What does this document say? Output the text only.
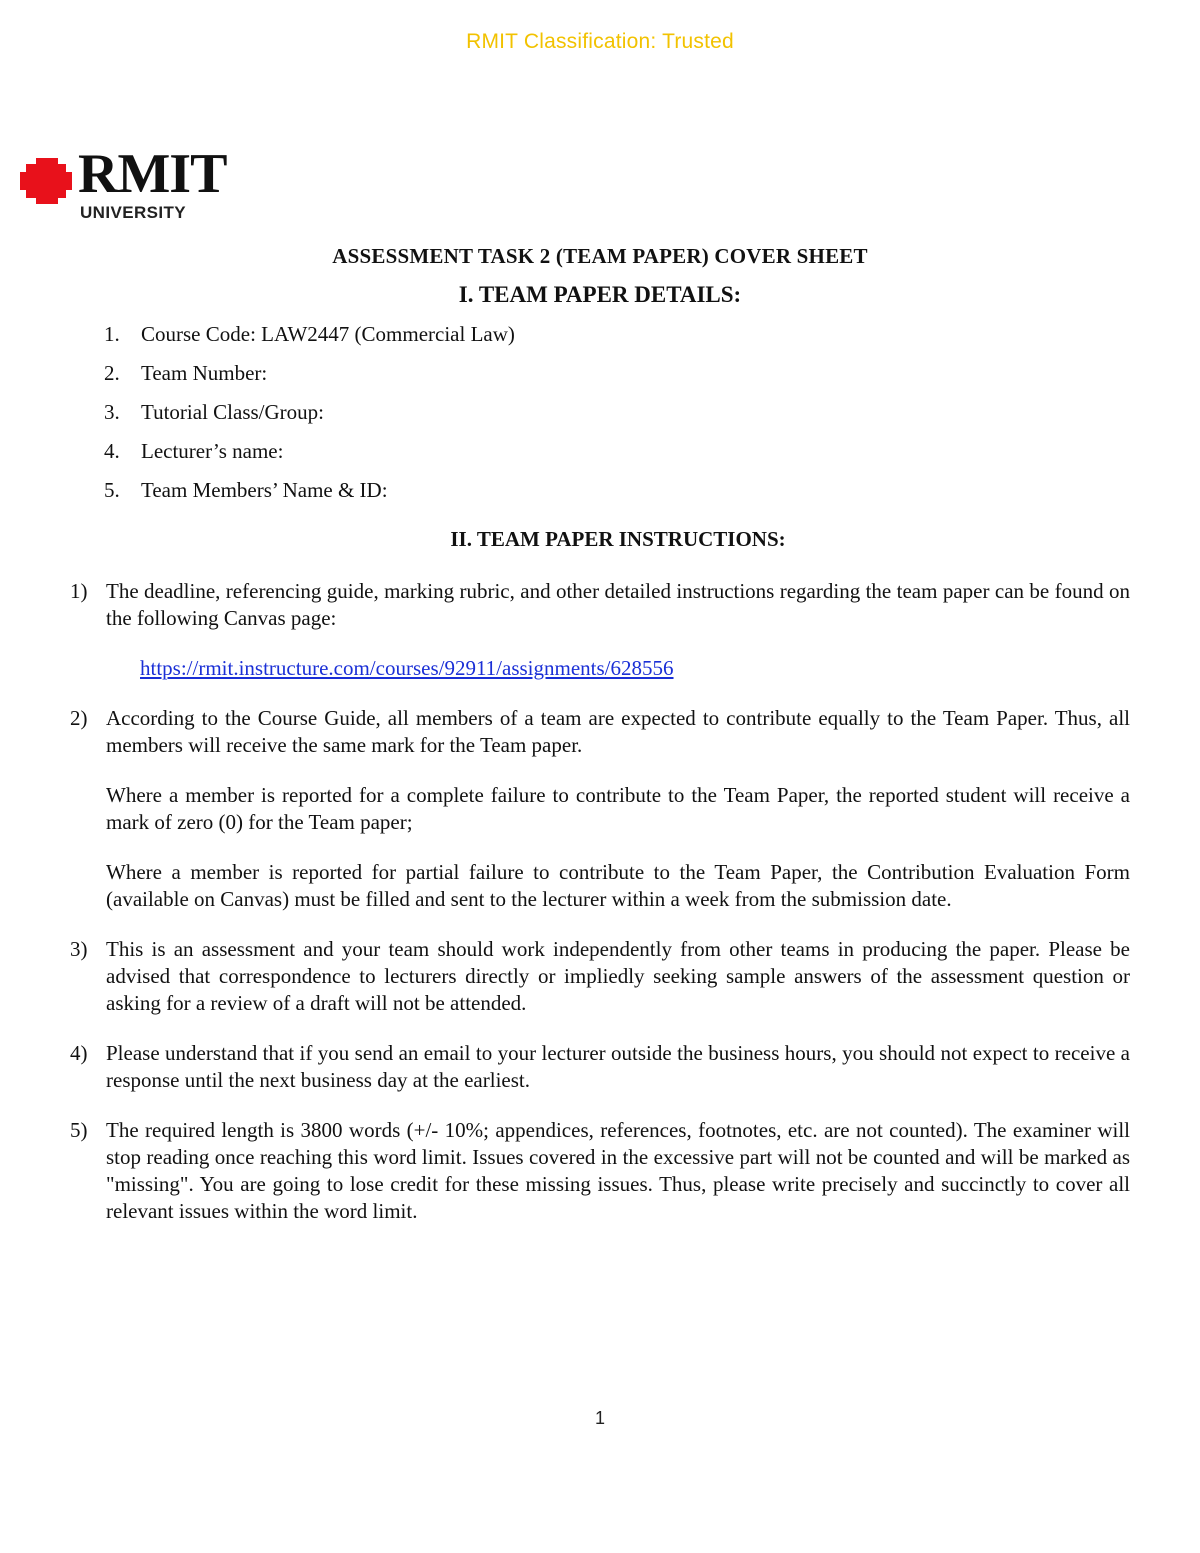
RMIT Classification: Trusted
RMIT
UNIVERSITY
ASSESSMENT TASK 2 (TEAM PAPER) COVER SHEET
I. TEAM PAPER DETAILS:
1. Course Code: LAW2447 (Commercial Law)
2. Team Number:
3. Tutorial Class/Group:
4. Lecturer’s name:
5. Team Members’ Name & ID:
II. TEAM PAPER INSTRUCTIONS:
1) The deadline, referencing guide, marking rubric, and other detailed instructions regarding the team paper can be found on the following Canvas page:

https://rmit.instructure.com/courses/92911/assignments/628556
2) According to the Course Guide, all members of a team are expected to contribute equally to the Team Paper. Thus, all members will receive the same mark for the Team paper.

Where a member is reported for a complete failure to contribute to the Team Paper, the reported student will receive a mark of zero (0) for the Team paper;

Where a member is reported for partial failure to contribute to the Team Paper, the Contribution Evaluation Form (available on Canvas) must be filled and sent to the lecturer within a week from the submission date.

3) This is an assessment and your team should work independently from other teams in producing the paper. Please be advised that correspondence to lecturers directly or impliedly seeking sample answers of the assessment question or asking for a review of a draft will not be attended.

4) Please understand that if you send an email to your lecturer outside the business hours, you should not expect to receive a response until the next business day at the earliest.

5) The required length is 3800 words (+/- 10%; appendices, references, footnotes, etc. are not counted). The examiner will stop reading once reaching this word limit. Issues covered in the excessive part will not be counted and will be marked as "missing". You are going to lose credit for these missing issues. Thus, please write precisely and succinctly to cover all relevant issues within the word limit.

1
